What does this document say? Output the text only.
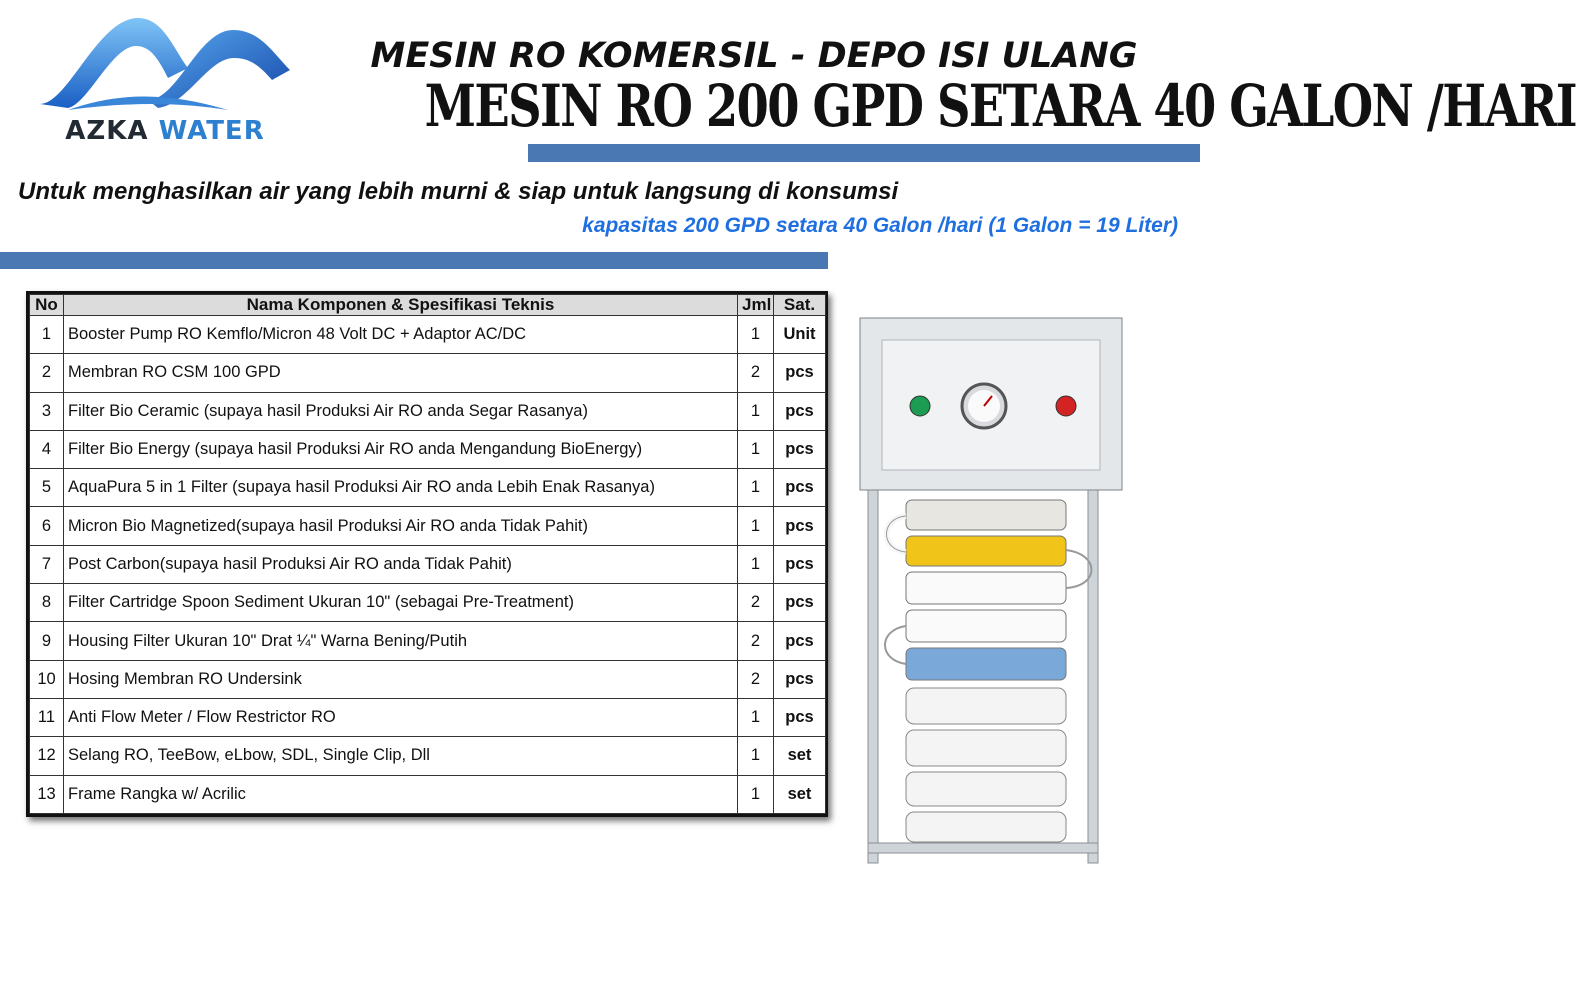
AZKA WATER
MESIN RO KOMERSIL - DEPO ISI ULANG
MESIN RO 200 GPD SETARA 40 GALON /HARI
Untuk menghasilkan air yang lebih murni & siap untuk langsung di konsumsi
kapasitas 200 GPD setara 40 Galon /hari (1 Galon = 19 Liter)
No	Nama Komponen & Spesifikasi Teknis	Jml	Sat.
1	Booster Pump RO Kemflo/Micron 48 Volt DC + Adaptor AC/DC	1	Unit
2	Membran RO CSM 100 GPD	2	pcs
3	Filter Bio Ceramic (supaya hasil Produksi Air RO anda Segar Rasanya)	1	pcs
4	Filter Bio Energy (supaya hasil Produksi Air RO anda Mengandung BioEnergy)	1	pcs
5	AquaPura 5 in 1 Filter (supaya hasil Produksi Air RO anda Lebih Enak Rasanya)	1	pcs
6	Micron Bio Magnetized(supaya hasil Produksi Air RO anda Tidak Pahit)	1	pcs
7	Post Carbon(supaya hasil Produksi Air RO anda Tidak Pahit)	1	pcs
8	Filter Cartridge Spoon Sediment Ukuran 10" (sebagai Pre-Treatment)	2	pcs
9	Housing Filter Ukuran 10" Drat ¼" Warna Bening/Putih	2	pcs
10	Hosing Membran RO Undersink	2	pcs
11	Anti Flow Meter / Flow Restrictor RO	1	pcs
12	Selang RO, TeeBow, eLbow, SDL, Single Clip, Dll	1	set
13	Frame Rangka w/ Acrilic	1	set
